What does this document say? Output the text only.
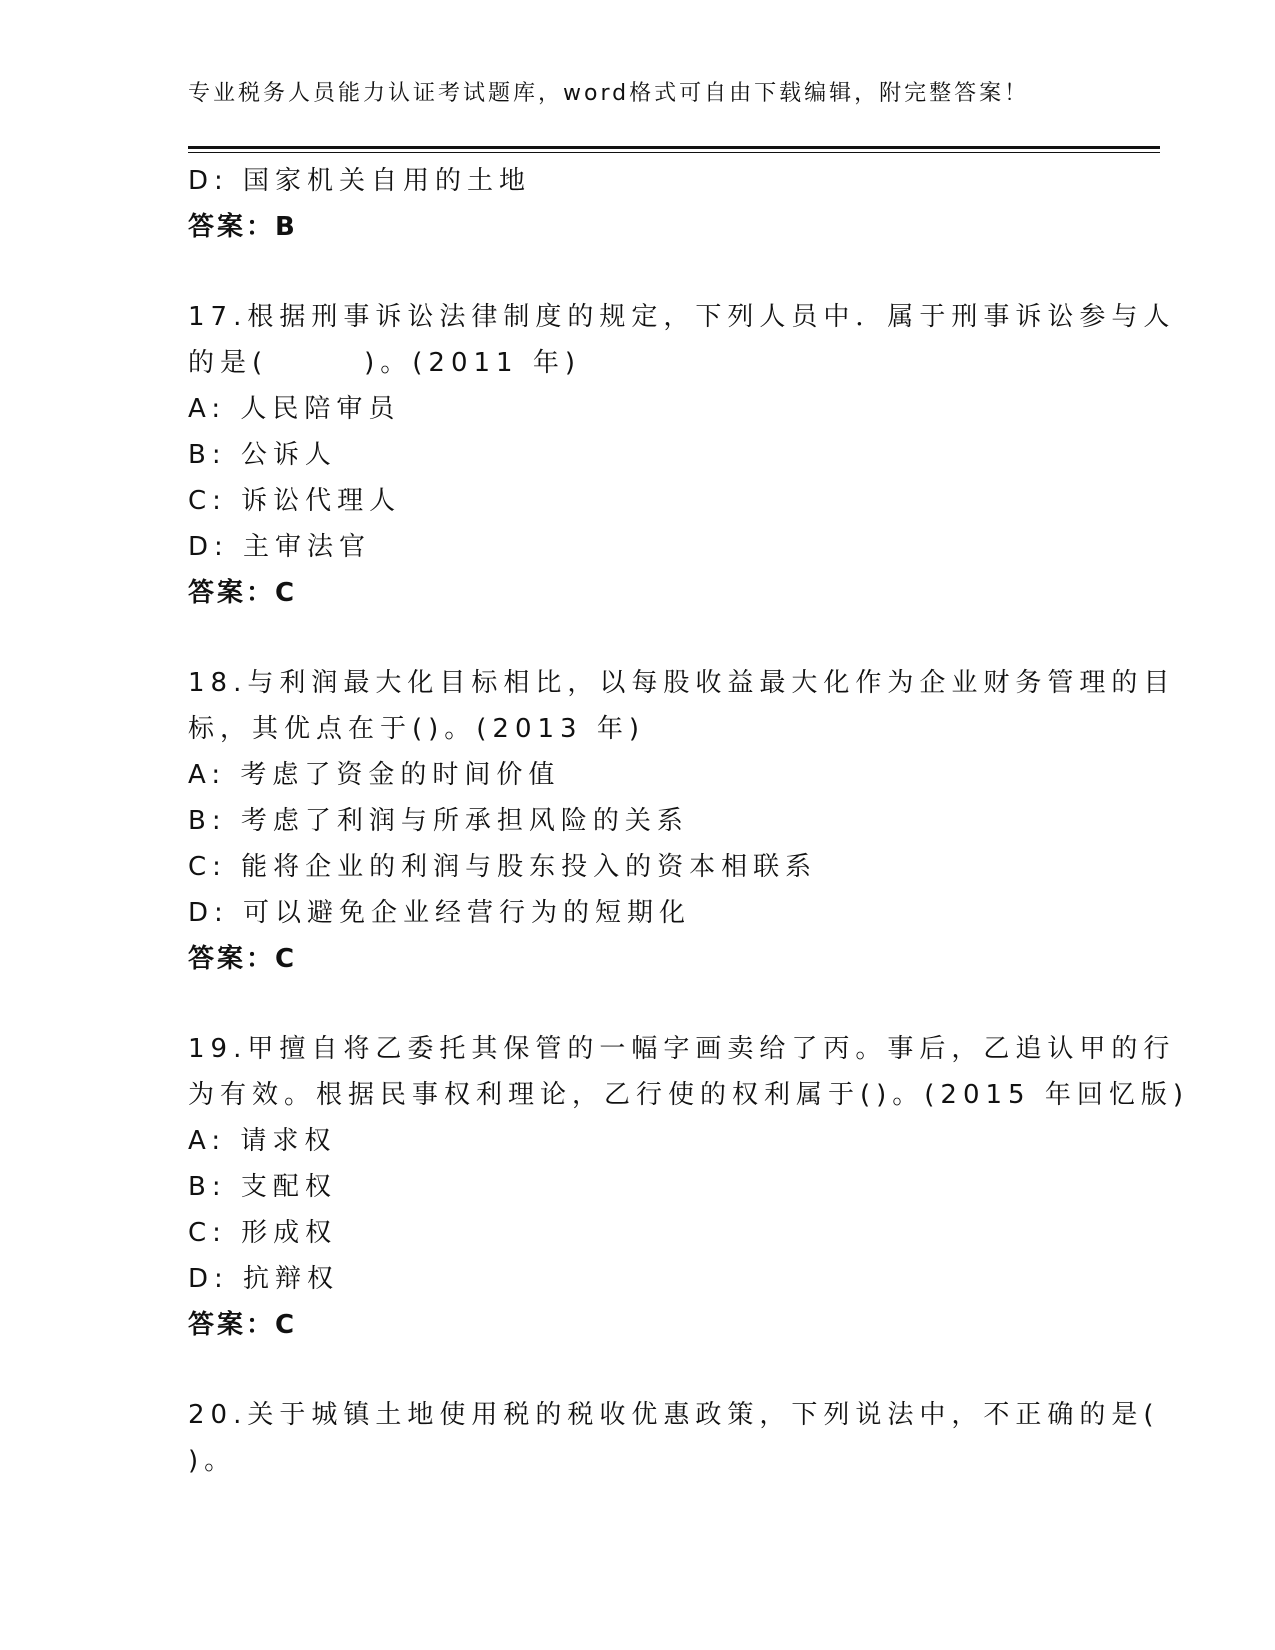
专业税务人员能力认证考试题库，word格式可自由下载编辑，附完整答案！
D: 国家机关自用的土地
答案：B
17.根据刑事诉讼法律制度的规定，下列人员中．属于刑事诉讼参与人
的是(　　　)。(2011 年)
A: 人民陪审员
B: 公诉人
C: 诉讼代理人
D: 主审法官
答案：C
18.与利润最大化目标相比，以每股收益最大化作为企业财务管理的目
标，其优点在于()。(2013 年)
A: 考虑了资金的时间价值
B: 考虑了利润与所承担风险的关系
C: 能将企业的利润与股东投入的资本相联系
D: 可以避免企业经营行为的短期化
答案：C
19.甲擅自将乙委托其保管的一幅字画卖给了丙。事后，乙追认甲的行
为有效。根据民事权利理论，乙行使的权利属于()。(2015 年回忆版)
A: 请求权
B: 支配权
C: 形成权
D: 抗辩权
答案：C
20.关于城镇土地使用税的税收优惠政策，下列说法中，不正确的是(
)。
